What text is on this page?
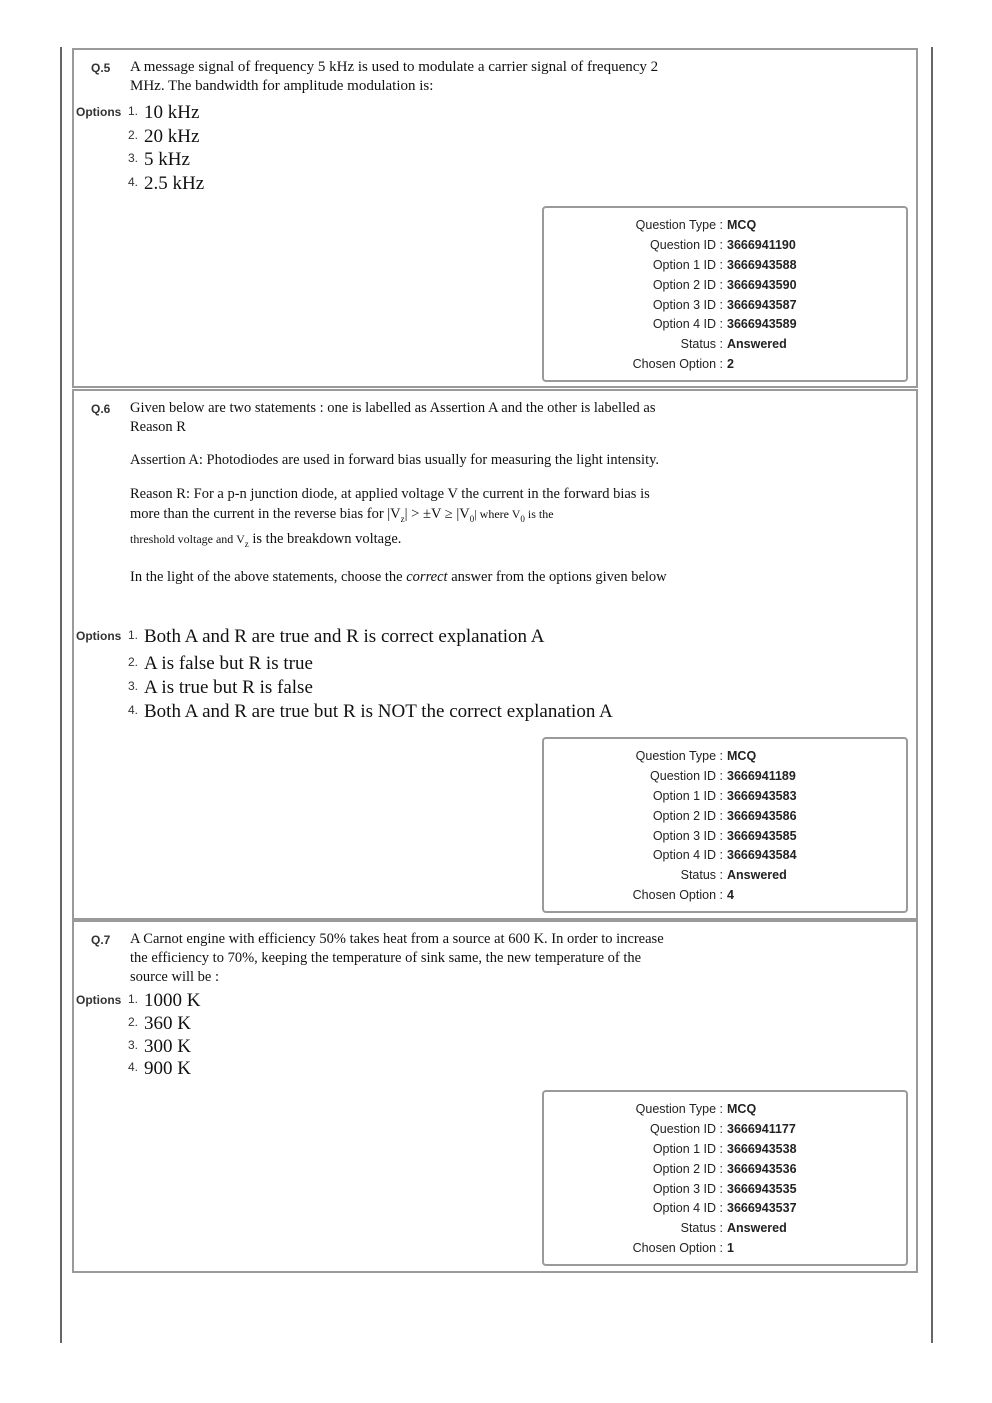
Q.5 A message signal of frequency 5 kHz is used to modulate a carrier signal of frequency 2 MHz. The bandwidth for amplitude modulation is:

Options 1. 10 kHz
2. 20 kHz
3. 5 kHz
4. 2.5 kHz
Question Type : MCQ
Question ID : 3666941190
Option 1 ID : 3666943588
Option 2 ID : 3666943590
Option 3 ID : 3666943587
Option 4 ID : 3666943589
Status : Answered
Chosen Option : 2
Q.6 Given below are two statements : one is labelled as Assertion A and the other is labelled as Reason R

Assertion A: Photodiodes are used in forward bias usually for measuring the light intensity.

Reason R: For a p-n junction diode, at applied voltage V the current in the forward bias is more than the current in the reverse bias for $|V_z| > \pm V \ge |V_0|$ where $V_0$ is the
threshold voltage and $V_z$ is the breakdown voltage.

In the light of the above statements, choose the correct answer from the options given below

Options 1. Both A and R are true and R is correct explanation A
2. A is false but R is true
3. A is true but R is false
4. Both A and R are true but R is NOT the correct explanation A
Question Type : MCQ
Question ID : 3666941189
Option 1 ID : 3666943583
Option 2 ID : 3666943586
Option 3 ID : 3666943585
Option 4 ID : 3666943584
Status : Answered
Chosen Option : 4
Q.7 A Carnot engine with efficiency 50% takes heat from a source at 600 K. In order to increase the efficiency to 70%, keeping the temperature of sink same, the new temperature of the source will be :

Options 1. 1000 K
2. 360 K
3. 300 K
4. 900 K
Question Type : MCQ
Question ID : 3666941177
Option 1 ID : 3666943538
Option 2 ID : 3666943536
Option 3 ID : 3666943535
Option 4 ID : 3666943537
Status : Answered
Chosen Option : 1
